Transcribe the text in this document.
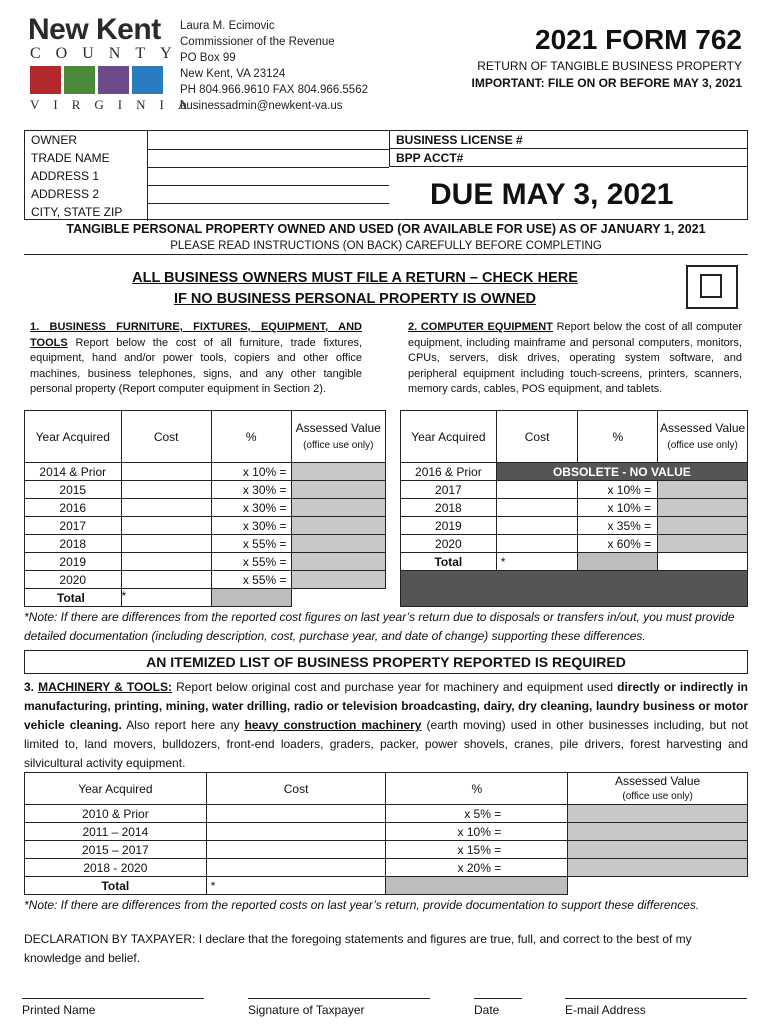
New Kent
COUNTY
VIRGINIA
Laura M. Ecimovic
Commissioner of the Revenue
PO Box 99
New Kent, VA 23124
PH 804.966.9610 FAX 804.966.5562
businessadmin@newkent-va.us
2021 FORM 762
RETURN OF TANGIBLE BUSINESS PROPERTY
IMPORTANT: FILE ON OR BEFORE MAY 3, 2021
OWNER
TRADE NAME
ADDRESS 1
ADDRESS 2
CITY, STATE ZIP
BUSINESS LICENSE #
BPP ACCT#
DUE MAY 3, 2021
TANGIBLE PERSONAL PROPERTY OWNED AND USED (OR AVAILABLE FOR USE) AS OF JANUARY 1, 2021
PLEASE READ INSTRUCTIONS (ON BACK) CAREFULLY BEFORE COMPLETING
ALL BUSINESS OWNERS MUST FILE A RETURN – CHECK HERE
IF NO BUSINESS PERSONAL PROPERTY IS OWNED
1. BUSINESS FURNITURE, FIXTURES, EQUIPMENT, AND TOOLS Report below the cost of all furniture, trade fixtures, equipment, hand and/or power tools, copiers and other office machines, business telephones, signs, and any other tangible personal property (Report computer equipment in Section 2).
2. COMPUTER EQUIPMENT Report below the cost of all computer equipment, including mainframe and personal computers, monitors, CPUs, servers, disk drives, operating system software, and peripheral equipment including touch-screens, printers, scanners, memory cards, cables, POS equipment, and tablets.
Year Acquired	Cost	%	Assessed Value
(office use only)
2014 & Prior		x 10% =	
2015		x 30% =	
2016		x 30% =	
2017		x 30% =	
2018		x 55% =	
2019		x 55% =	
2020		x 55% =	
Total	*		
Year Acquired	Cost	%	Assessed Value
(office use only)
2016 & Prior	OBSOLETE - NO VALUE		
2017		x 10% =	
2018		x 10% =	
2019		x 35% =	
2020		x 60% =	
Total	*		

*Note: If there are differences from the reported cost figures on last year’s return due to disposals or transfers in/out, you must provide detailed documentation (including description, cost, purchase year, and date of change) supporting these differences.
AN ITEMIZED LIST OF BUSINESS PROPERTY REPORTED IS REQUIRED
3. MACHINERY & TOOLS: Report below original cost and purchase year for machinery and equipment used directly or indirectly in manufacturing, printing, mining, water drilling, radio or television broadcasting, dairy, dry cleaning, laundry business or motor vehicle cleaning. Also report here any heavy construction machinery (earth moving) used in other businesses including, but not limited to, land movers, bulldozers, front-end loaders, graders, packer, power shovels, cranes, pile drivers, forest harvesting and silvicultural activity equipment.
Year Acquired	Cost	%	Assessed Value
(office use only)
2010 & Prior		x 5% =	
2011 – 2014		x 10% =	
2015 – 2017		x 15% =	
2018 - 2020		x 20% =	
Total	*		
*Note: If there are differences from the reported costs on last year’s return, provide documentation to support these differences.
DECLARATION BY TAXPAYER: I declare that the foregoing statements and figures are true, full, and correct to the best of my knowledge and belief.
Printed Name	Signature of Taxpayer	Date	E-mail Address
